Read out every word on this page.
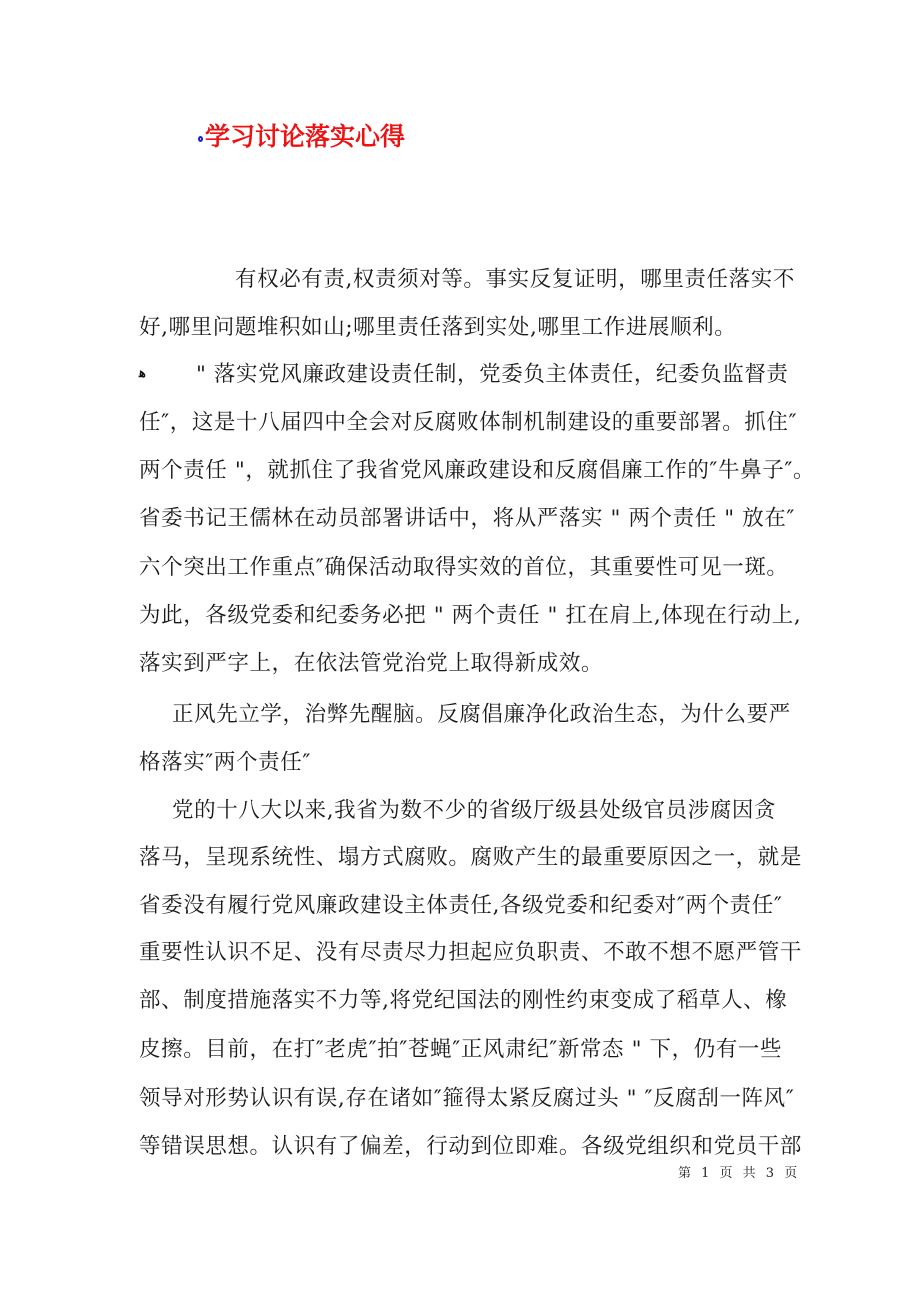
学习讨论落实心得
ﻫ
有权必有责,权责须对等。事实反复证明，哪里责任落实不
好,哪里问题堆积如山;哪里责任落到实处,哪里工作进展顺利。
" 落实党风廉政建设责任制，党委负主体责任，纪委负监督责
任″，这是十八届四中全会对反腐败体制机制建设的重要部署。抓住″
两个责任 "，就抓住了我省党风廉政建设和反腐倡廉工作的″牛鼻子″。
省委书记王儒林在动员部署讲话中，将从严落实 " 两个责任 " 放在″
六个突出工作重点″确保活动取得实效的首位，其重要性可见一斑。
为此，各级党委和纪委务必把 " 两个责任 " 扛在肩上,体现在行动上,
落实到严字上，在依法管党治党上取得新成效。
正风先立学，治弊先醒脑。反腐倡廉净化政治生态，为什么要严
格落实″两个责任″
党的十八大以来,我省为数不少的省级厅级县处级官员涉腐因贪
落马，呈现系统性、塌方式腐败。腐败产生的最重要原因之一，就是
省委没有履行党风廉政建设主体责任,各级党委和纪委对″两个责任″
重要性认识不足、没有尽责尽力担起应负职责、不敢不想不愿严管干
部、制度措施落实不力等,将党纪国法的刚性约束变成了稻草人、橡
皮擦。目前，在打″老虎″拍″苍蝇″正风肃纪″新常态 " 下，仍有一些
领导对形势认识有误,存在诸如″箍得太紧反腐过头 " ″反腐刮一阵风″
等错误思想。认识有了偏差，行动到位即难。各级党组织和党员干部
第 1 页 共 3 页
